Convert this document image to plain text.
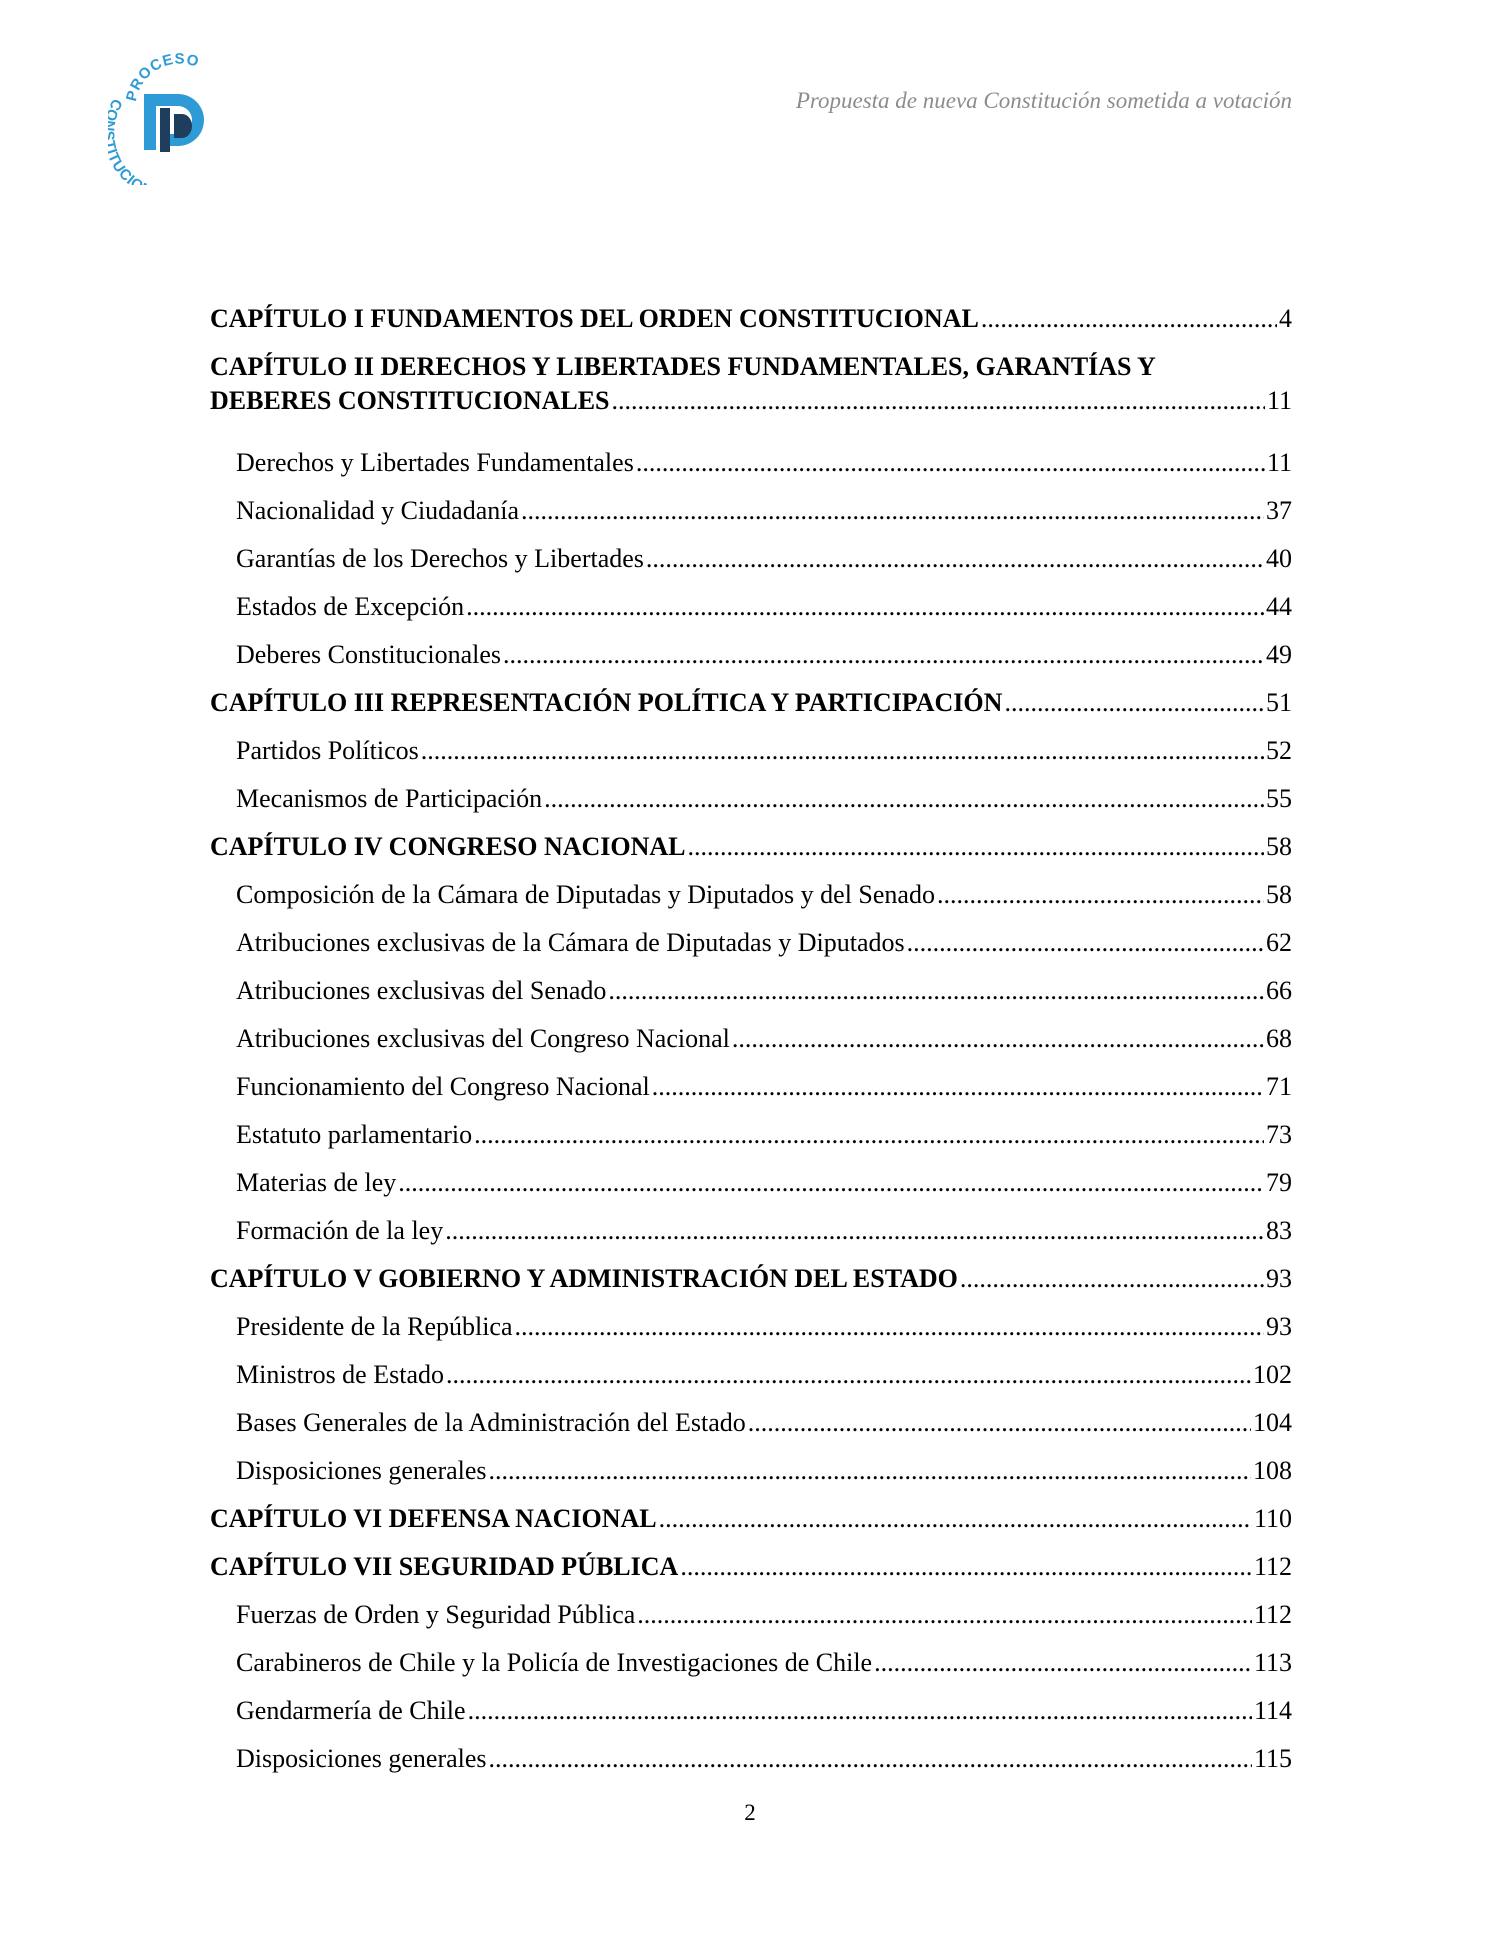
PROCESO
UCIO
Propuesta de nueva Constitución sometida a votación
CAPÍTULO I FUNDAMENTOS DEL ORDEN CONSTITUCIONAL .....	4
CAPÍTULO II DERECHOS Y LIBERTADES FUNDAMENTALES, GARANTÍAS Y
DEBERES CONSTITUCIONALES .....	11
Derechos y Libertades Fundamentales .....	11
Nacionalidad y Ciudadanía .....	37
Garantías de los Derechos y Libertades .....	40
Estados de Excepción .....	44
Deberes Constitucionales .....	49
CAPÍTULO III REPRESENTACIÓN POLÍTICA Y PARTICIPACIÓN .....	51
Partidos Políticos .....	52
Mecanismos de Participación .....	55
CAPÍTULO IV CONGRESO NACIONAL .....	58
Composición de la Cámara de Diputadas y Diputados y del Senado .....	58
Atribuciones exclusivas de la Cámara de Diputadas y Diputados .....	62
Atribuciones exclusivas del Senado .....	66
Atribuciones exclusivas del Congreso Nacional .....	68
Funcionamiento del Congreso Nacional .....	71
Estatuto parlamentario .....	73
Materias de ley .....	79
Formación de la ley .....	83
CAPÍTULO V GOBIERNO Y ADMINISTRACIÓN DEL ESTADO .....	93
Presidente de la República .....	93
Ministros de Estado .....	102
Bases Generales de la Administración del Estado .....	104
Disposiciones generales .....	108
CAPÍTULO VI DEFENSA NACIONAL .....	110
CAPÍTULO VII SEGURIDAD PÚBLICA .....	112
Fuerzas de Orden y Seguridad Pública .....	112
Carabineros de Chile y la Policía de Investigaciones de Chile .....	113
Gendarmería de Chile .....	114
Disposiciones generales .....	115
2
